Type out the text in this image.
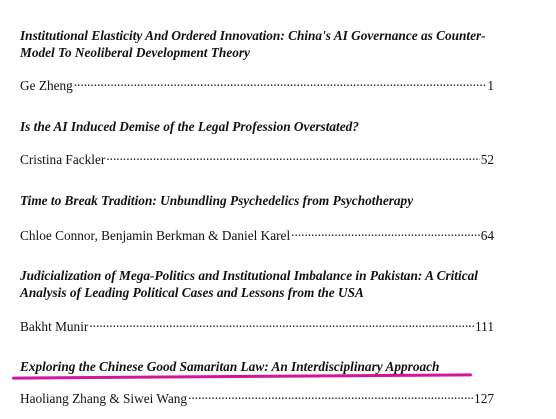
Institutional Elasticity And Ordered Innovation: China's AI Governance as Counter-Model To Neoliberal Development Theory
Ge Zheng .....	1
Is the AI Induced Demise of the Legal Profession Overstated?
Cristina Fackler .....	52
Time to Break Tradition: Unbundling Psychedelics from Psychotherapy
Chloe Connor, Benjamin Berkman & Daniel Karel .....	64
Judicialization of Mega-Politics and Institutional Imbalance in Pakistan: A Critical Analysis of Leading Political Cases and Lessons from the USA
Bakht Munir .....	111
Exploring the Chinese Good Samaritan Law: An Interdisciplinary Approach
Haoliang Zhang & Siwei Wang .....	127
